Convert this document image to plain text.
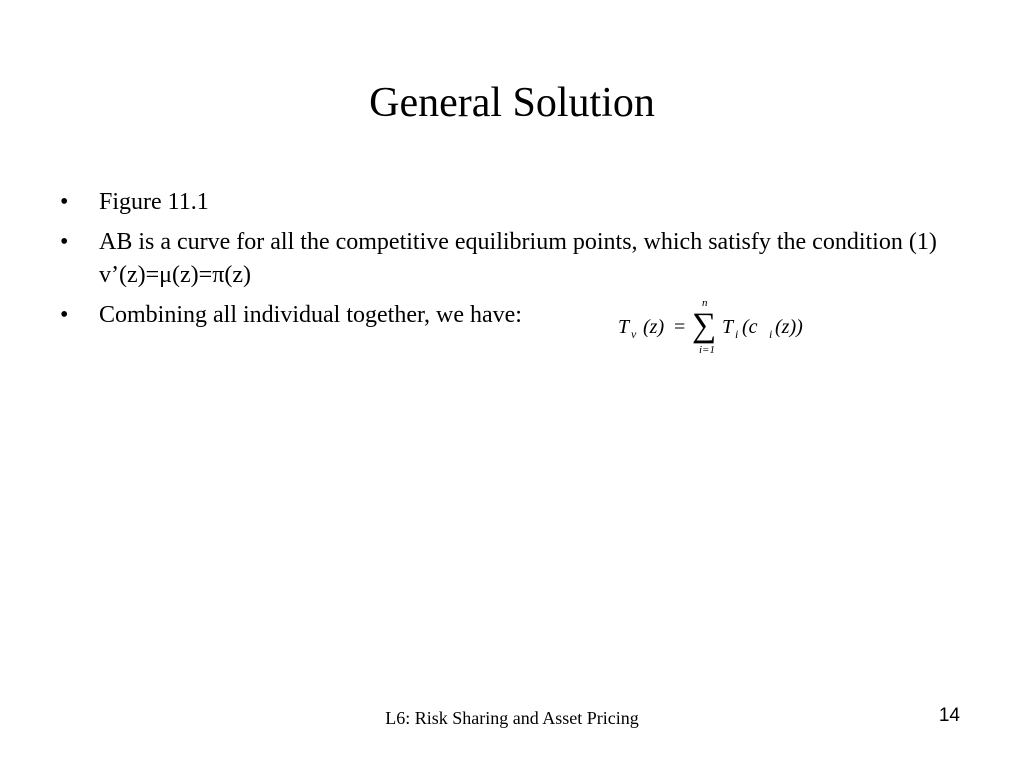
General Solution
• Figure 11.1
• AB is a curve for all the competitive equilibrium points, which satisfy the condition (1) v’(z)=μ(z)=π(z)
• Combining all individual together, we have:	T v (z) =
n
∑
i=1
T i (c i (z))
L6: Risk Sharing and Asset Pricing	14
